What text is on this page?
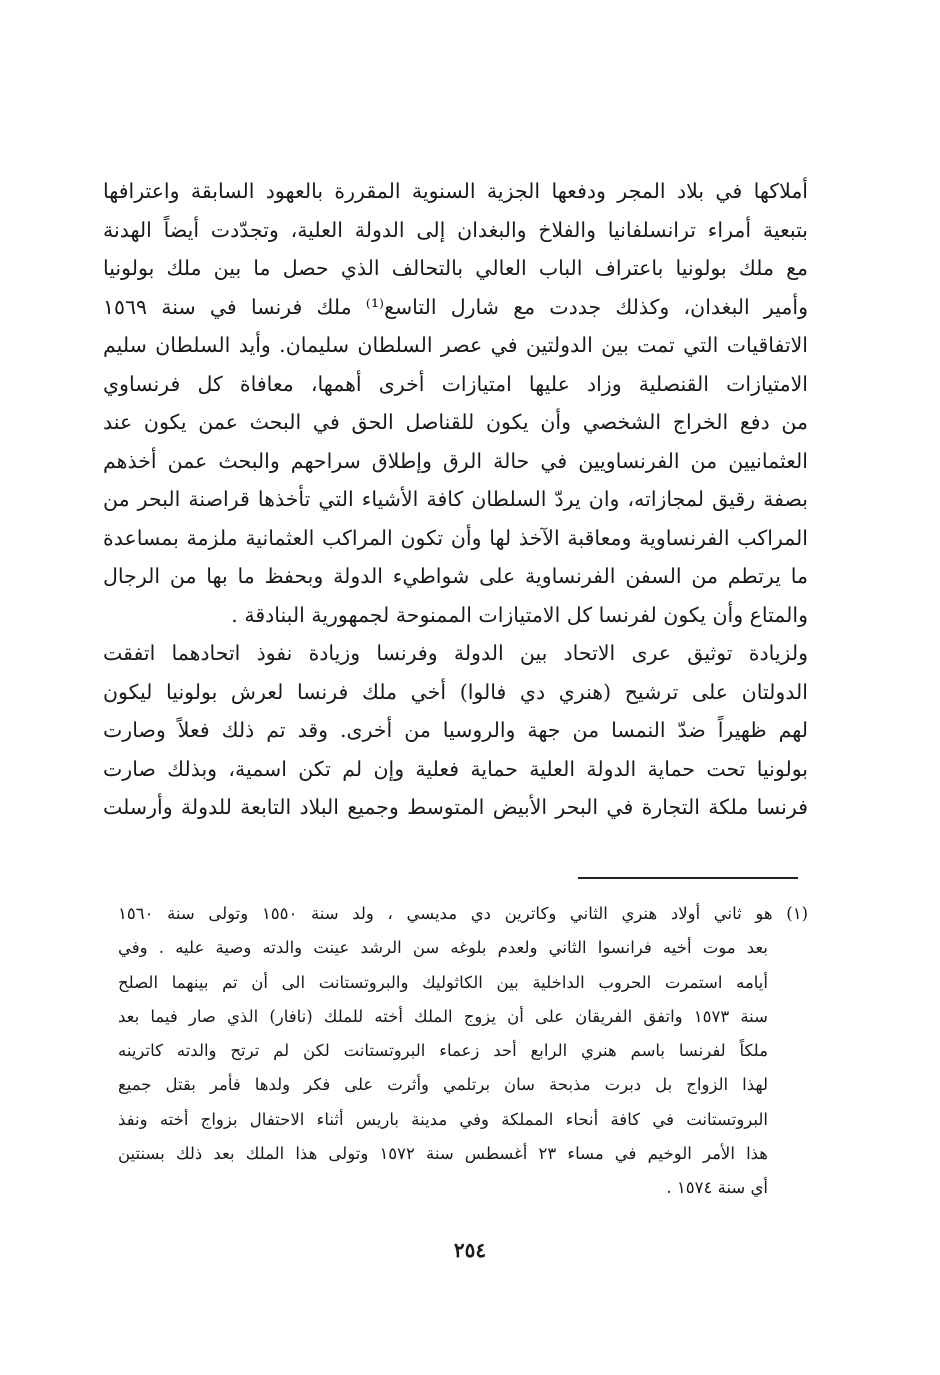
أملاكها في بلاد المجر ودفعها الجزية السنوية المقررة بالعهود السابقة واعترافها
بتبعية أمراء ترانسلفانيا والفلاخ والبغدان إلى الدولة العلية، وتجدّدت أيضاً الهدنة
مع ملك بولونيا باعتراف الباب العالي بالتحالف الذي حصل ما بين ملك بولونيا
وأمير البغدان، وكذلك جددت مع شارل التاسع⁽¹⁾ ملك فرنسا في سنة ١٥٦٩
الاتفاقيات التي تمت بين الدولتين في عصر السلطان سليمان. وأيد السلطان سليم
الامتيازات القنصلية وزاد عليها امتيازات أخرى أهمها، معافاة كل فرنساوي
من دفع الخراج الشخصي وأن يكون للقناصل الحق في البحث عمن يكون عند
العثمانيين من الفرنساويين في حالة الرق وإطلاق سراحهم والبحث عمن أخذهم
بصفة رقيق لمجازاته، وان يردّ السلطان كافة الأشياء التي تأخذها قراصنة البحر من
المراكب الفرنساوية ومعاقبة الآخذ لها وأن تكون المراكب العثمانية ملزمة بمساعدة
ما يرتطم من السفن الفرنساوية على شواطيء الدولة وبحفظ ما بها من الرجال
والمتاع وأن يكون لفرنسا كل الامتيازات الممنوحة لجمهورية البنادقة .
ولزيادة توثيق عرى الاتحاد بين الدولة وفرنسا وزيادة نفوذ اتحادهما اتفقت
الدولتان على ترشيح (هنري دي فالوا) أخي ملك فرنسا لعرش بولونيا ليكون
لهم ظهيراً ضدّ النمسا من جهة والروسيا من أخرى. وقد تم ذلك فعلاً وصارت
بولونيا تحت حماية الدولة العلية حماية فعلية وإن لم تكن اسمية، وبذلك صارت
فرنسا ملكة التجارة في البحر الأبيض المتوسط وجميع البلاد التابعة للدولة وأرسلت
(١) هو ثاني أولاد هنري الثاني وكاترين دي مديسي ، ولد سنة ١٥٥٠ وتولى سنة ١٥٦٠
بعد موت أخيه فرانسوا الثاني ولعدم بلوغه سن الرشد عينت والدته وصية عليه . وفي
أيامه استمرت الحروب الداخلية بين الكاثوليك والبروتستانت الى أن تم بينهما الصلح
سنة ١٥٧٣ واتفق الفريقان على أن يزوج الملك أخته للملك (نافار) الذي صار فيما بعد
ملكاً لفرنسا باسم هنري الرابع أحد زعماء البروتستانت لكن لم ترتح والدته كاترينه
لهذا الزواج بل دبرت مذبحة سان برتلمي وأثرت على فكر ولدها فأمر بقتل جميع
البروتستانت في كافة أنحاء المملكة وفي مدينة باريس أثناء الاحتفال بزواج أخته ونفذ
هذا الأمر الوخيم في مساء ٢٣ أغسطس سنة ١٥٧٢ وتولى هذا الملك بعد ذلك بسنتين
أي سنة ١٥٧٤ .
٢٥٤
